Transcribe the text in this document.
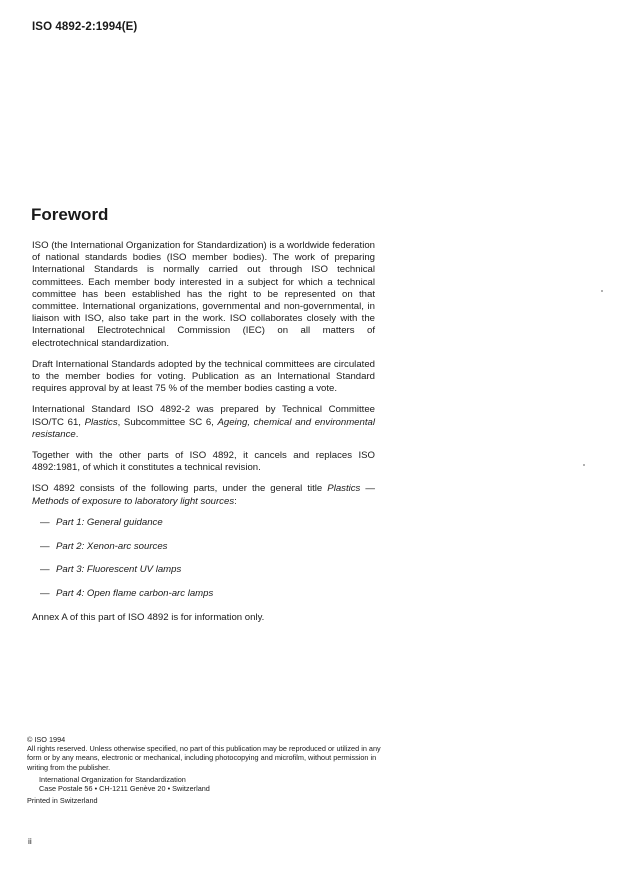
ISO 4892-2:1994(E)
Foreword

ISO (the International Organization for Standardization) is a worldwide federation of national standards bodies (ISO member bodies). The work of preparing International Standards is normally carried out through ISO technical committees. Each member body interested in a subject for which a technical committee has been established has the right to be represented on that committee. International organizations, governmental and non-governmental, in liaison with ISO, also take part in the work. ISO collaborates closely with the International Electrotechnical Commission (IEC) on all matters of electrotechnical standardization.

Draft International Standards adopted by the technical committees are circulated to the member bodies for voting. Publication as an International Standard requires approval by at least 75 % of the member bodies casting a vote.

International Standard ISO 4892-2 was prepared by Technical Committee ISO/TC 61, Plastics, Subcommittee SC 6, Ageing, chemical and environmental resistance.

Together with the other parts of ISO 4892, it cancels and replaces ISO 4892:1981, of which it constitutes a technical revision.

ISO 4892 consists of the following parts, under the general title Plastics — Methods of exposure to laboratory light sources:

— Part 1: General guidance
— Part 2: Xenon-arc sources
— Part 3: Fluorescent UV lamps
— Part 4: Open flame carbon-arc lamps

Annex A of this part of ISO 4892 is for information only.

© ISO 1994

All rights reserved. Unless otherwise specified, no part of this publication may be reproduced or utilized in any form or by any means, electronic or mechanical, including photocopying and microfilm, without permission in writing from the publisher.

International Organization for Standardization

Case Postale 56 • CH-1211 Genève 20 • Switzerland

Printed in Switzerland

ii
